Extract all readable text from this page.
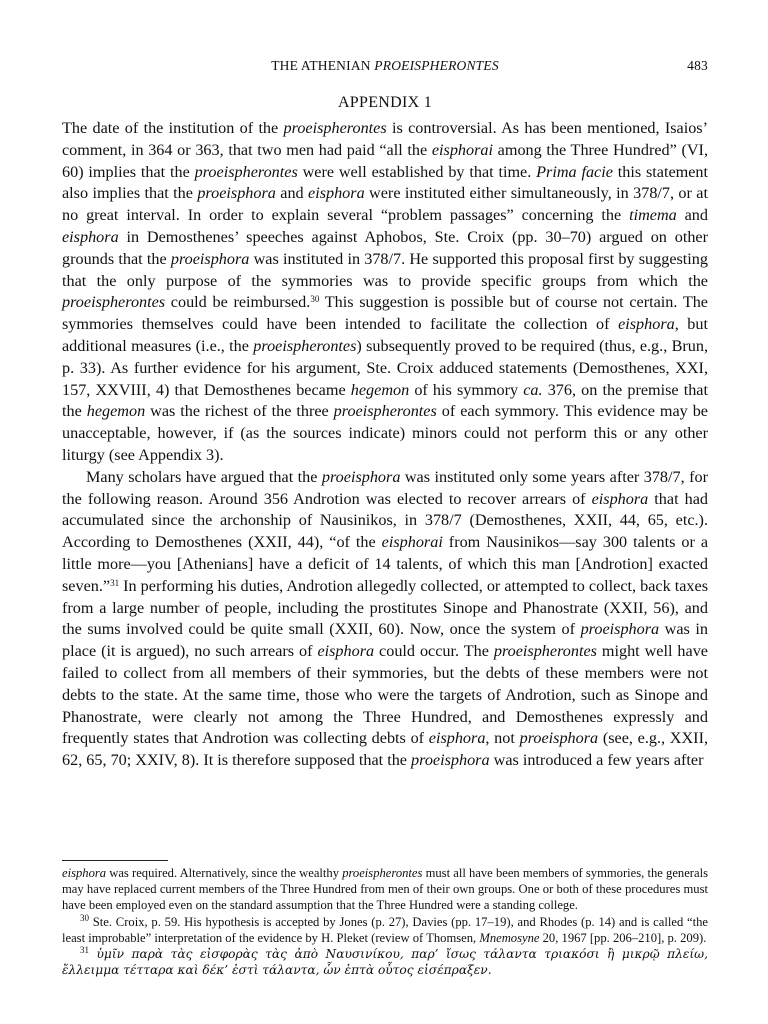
THE ATHENIAN PROEISPHERONTES	483
APPENDIX 1

The date of the institution of the proeispherontes is controversial. As has been mentioned, Isaios’ comment, in 364 or 363, that two men had paid “all the eisphorai among the Three Hundred” (VI, 60) implies that the proeispherontes were well established by that time. Prima facie this statement also implies that the proeisphora and eisphora were instituted either simultaneously, in 378/7, or at no great interval. In order to explain several “problem passages” concerning the timema and eisphora in Demosthenes’ speeches against Aphobos, Ste. Croix (pp. 30–70) argued on other grounds that the proeisphora was instituted in 378/7. He supported this proposal first by suggesting that the only purpose of the symmories was to provide specific groups from which the proeispherontes could be reimbursed.$^{30}$ This suggestion is possible but of course not certain. The symmories themselves could have been intended to facilitate the collection of eisphora, but additional measures (i.e., the proeispherontes) subsequently proved to be required (thus, e.g., Brun, p. 33). As further evidence for his argument, Ste. Croix adduced statements (Demosthenes, XXI, 157, XXVIII, 4) that Demosthenes became hegemon of his symmory ca. 376, on the premise that the hegemon was the richest of the three proeispherontes of each symmory. This evidence may be unacceptable, however, if (as the sources indicate) minors could not perform this or any other liturgy (see Appendix 3).

Many scholars have argued that the proeisphora was instituted only some years after 378/7, for the following reason. Around 356 Androtion was elected to recover arrears of eisphora that had accumulated since the archonship of Nausinikos, in 378/7 (Demosthenes, XXII, 44, 65, etc.). According to Demosthenes (XXII, 44), “of the eisphorai from Nausinikos—say 300 talents or a little more—you [Athenians] have a deficit of 14 talents, of which this man [Androtion] exacted seven.”$^{31}$ In performing his duties, Androtion allegedly collected, or attempted to collect, back taxes from a large number of people, including the prostitutes Sinope and Phanostrate (XXII, 56), and the sums involved could be quite small (XXII, 60). Now, once the system of proeisphora was in place (it is argued), no such arrears of eisphora could occur. The proeispherontes might well have failed to collect from all members of their symmories, but the debts of these members were not debts to the state. At the same time, those who were the targets of Androtion, such as Sinope and Phanostrate, were clearly not among the Three Hundred, and Demosthenes expressly and frequently states that Androtion was collecting debts of eisphora, not proeisphora (see, e.g., XXII, 62, 65, 70; XXIV, 8). It is therefore supposed that the proeisphora was introduced a few years after

eisphora was required. Alternatively, since the wealthy proeispherontes must all have been members of symmories, the generals may have replaced current members of the Three Hundred from men of their own groups. One or both of these procedures must have been employed even on the standard assumption that the Three Hundred were a standing college.

$^{30}$ Ste. Croix, p. 59. His hypothesis is accepted by Jones (p. 27), Davies (pp. 17–19), and Rhodes (p. 14) and is called “the least improbable” interpretation of the evidence by H. Pleket (review of Thomsen, Mnemosyne 20, 1967 [pp. 206–210], p. 209).

$^{31}$ ὑμῖν παρὰ τὰς εἰσφορὰς τὰς ἀπὸ Ναυσινίκου, παρ’ ἴσως τάλαντα τριακόσι ἢ μικρῷ πλείω, ἔλλειμμα τέτταρα καὶ δέκ’ ἐστὶ τάλαντα, ὧν ἑπτὰ οὗτος εἰσέπραξεν.
